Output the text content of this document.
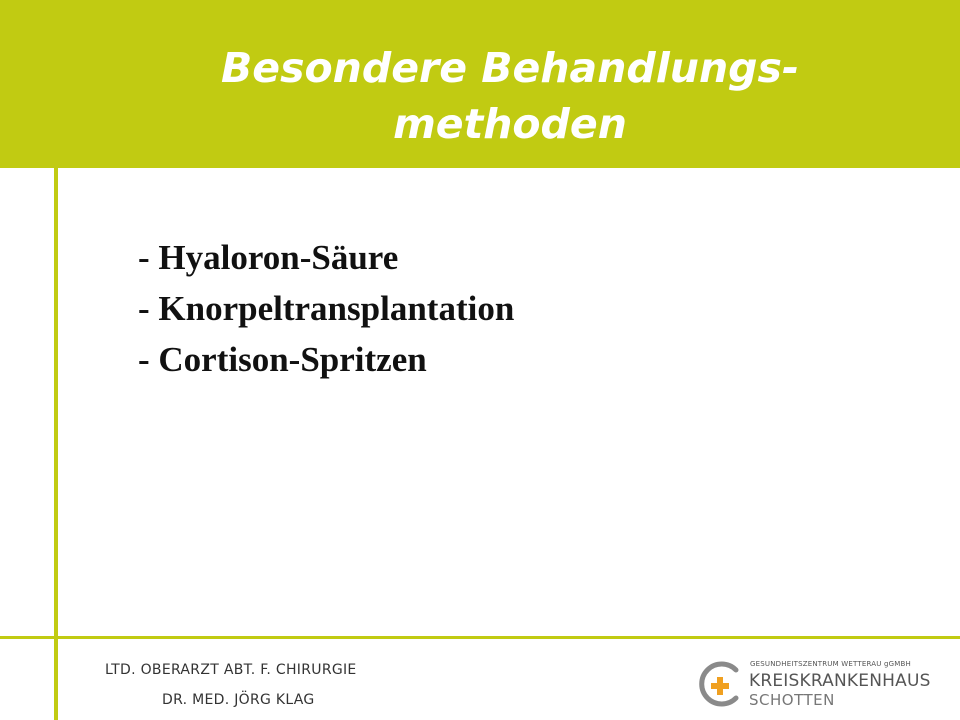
Besondere Behandlungs-
methoden
- Hyaloron-Säure
- Knorpeltransplantation
- Cortison-Spritzen
LTD. OBERARZT ABT. F. CHIRURGIE
DR. MED. JÖRG KLAG
GESUNDHEITSZENTRUM WETTERAU gGMBH
KREISKRANKENHAUS
SCHOTTEN
